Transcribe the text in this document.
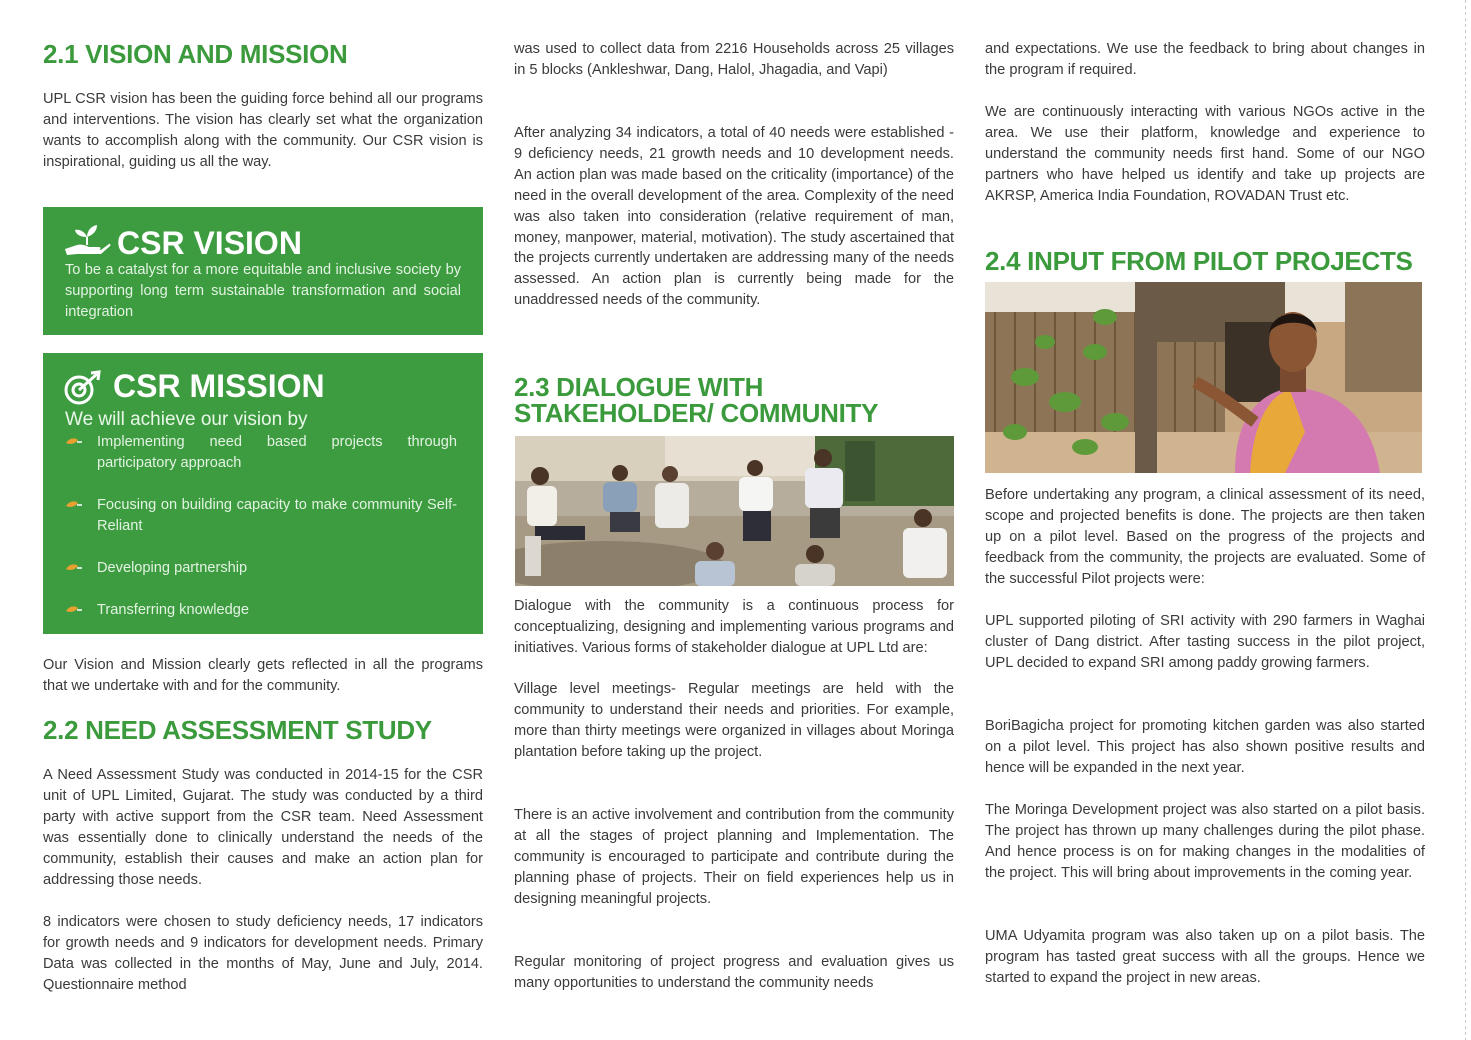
2.1 VISION AND MISSION

UPL CSR vision has been the guiding force behind all our programs and interventions. The vision has clearly set what the organization wants to accomplish along with the community. Our CSR vision is inspirational, guiding us all the way.

CSR VISION
To be a catalyst for a more equitable and inclusive society by supporting long term sustainable transformation and social integration
CSR MISSION
We will achieve our vision by
Implementing need based projects through participatory approach
Focusing on building capacity to make community Self-Reliant
Developing partnership
Transferring knowledge

Our Vision and Mission clearly gets reflected in all the programs that we undertake with and for the community.

2.2 NEED ASSESSMENT STUDY

A Need Assessment Study was conducted in 2014-15 for the CSR unit of UPL Limited, Gujarat. The study was conducted by a third party with active support from the CSR team. Need Assessment was essentially done to clinically understand the needs of the community, establish their causes and make an action plan for addressing those needs.

8 indicators were chosen to study deficiency needs, 17 indicators for growth needs and 9 indicators for development needs. Primary Data was collected in the months of May, June and July, 2014. Questionnaire method

was used to collect data from 2216 Households across 25 villages in 5 blocks (Ankleshwar, Dang, Halol, Jhagadia, and Vapi)

After analyzing 34 indicators, a total of 40 needs were established - 9 deficiency needs, 21 growth needs and 10 development needs. An action plan was made based on the criticality (importance) of the need in the overall development of the area. Complexity of the need was also taken into consideration (relative requirement of man, money, manpower, material, motivation). The study ascertained that the projects currently undertaken are addressing many of the needs assessed. An action plan is currently being made for the unaddressed needs of the community.

2.3 DIALOGUE WITH
STAKEHOLDER/ COMMUNITY

Dialogue with the community is a continuous process for conceptualizing, designing and implementing various programs and initiatives. Various forms of stakeholder dialogue at UPL Ltd are:

Village level meetings- Regular meetings are held with the community to understand their needs and priorities. For example, more than thirty meetings were organized in villages about Moringa plantation before taking up the project.

There is an active involvement and contribution from the community at all the stages of project planning and Implementation. The community is encouraged to participate and contribute during the planning phase of projects. Their on field experiences help us in designing meaningful projects.

Regular monitoring of project progress and evaluation gives us many opportunities to understand the community needs

and expectations. We use the feedback to bring about changes in the program if required.

We are continuously interacting with various NGOs active in the area. We use their platform, knowledge and experience to understand the community needs first hand. Some of our NGO partners who have helped us identify and take up projects are AKRSP, America India Foundation, ROVADAN Trust etc.

2.4 INPUT FROM PILOT PROJECTS

Before undertaking any program, a clinical assessment of its need, scope and projected benefits is done. The projects are then taken up on a pilot level. Based on the progress of the projects and feedback from the community, the projects are evaluated. Some of the successful Pilot projects were:

UPL supported piloting of SRI activity with 290 farmers in Waghai cluster of Dang district. After tasting success in the pilot project, UPL decided to expand SRI among paddy growing farmers.

BoriBagicha project for promoting kitchen garden was also started on a pilot level. This project has also shown positive results and hence will be expanded in the next year.

The Moringa Development project was also started on a pilot basis. The project has thrown up many challenges during the pilot phase. And hence process is on for making changes in the modalities of the project. This will bring about improvements in the coming year.

UMA Udyamita program was also taken up on a pilot basis. The program has tasted great success with all the groups. Hence we started to expand the project in new areas.
